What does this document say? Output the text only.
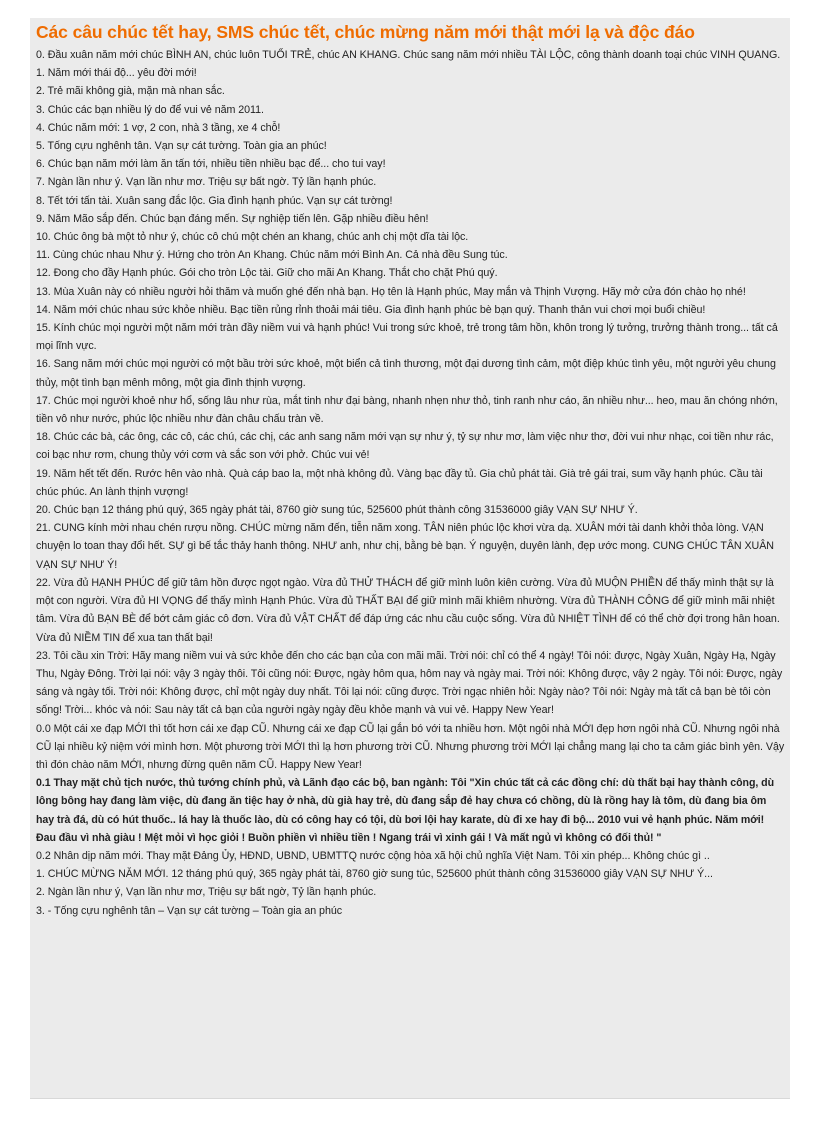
Các câu chúc tết hay, SMS chúc tết, chúc mừng năm mới thật mới lạ và độc đáo
0. Đầu xuân năm mới chúc BÌNH AN, chúc luôn TUỔI TRẺ, chúc AN KHANG. Chúc sang năm mới nhiều TÀI LỘC, công thành doanh toại chúc VINH QUANG.
1. Năm mới thái độ... yêu đời mới!
2. Trẻ mãi không già, mặn mà nhan sắc.
3. Chúc các bạn nhiều lý do để vui vẻ năm 2011.
4. Chúc năm mới: 1 vợ, 2 con, nhà 3 tầng, xe 4 chỗ!
5. Tống cựu nghênh tân. Vạn sự cát tường. Toàn gia an phúc!
6. Chúc bạn năm mới làm ăn tấn tới, nhiều tiền nhiều bạc để... cho tui vay!
7. Ngàn lần như ý. Vạn lần như mơ. Triệu sự bất ngờ. Tỷ lần hạnh phúc.
8. Tết tới tấn tài. Xuân sang đắc lộc. Gia đình hạnh phúc. Vạn sự cát tường!
9. Năm Mão sắp đến. Chúc bạn đáng mến. Sự nghiệp tiến lên. Gặp nhiều điều hên!
10. Chúc ông bà một tỏ như ý, chúc cô chú một chén an khang, chúc anh chị một dĩa tài lộc.
11. Cùng chúc nhau Như ý. Hứng cho tròn An Khang. Chúc năm mới Bình An. Cả nhà đều Sung túc.
12. Đong cho đầy Hạnh phúc. Gói cho tròn Lộc tài. Giữ cho mãi An Khang. Thắt cho chặt Phú quý.
13. Mùa Xuân này có nhiều người hỏi thăm và muốn ghé đến nhà bạn. Họ tên là Hạnh phúc, May mắn và Thịnh Vượng. Hãy mở cửa đón chào họ nhé!
14. Năm mới chúc nhau sức khỏe nhiều. Bạc tiền rủng rỉnh thoải mái tiêu. Gia đình hạnh phúc bè bạn quý. Thanh thản vui chơi mọi buổi chiều!
15. Kính chúc mọi người một năm mới tràn đầy niềm vui và hạnh phúc! Vui trong sức khoẻ, trẻ trong tâm hồn, khôn trong lý tưởng, trưởng thành trong... tất cả mọi lĩnh vực.
16. Sang năm mới chúc mọi người có một bầu trời sức khoẻ, một biển cả tình thương, một đại dương tình cảm, một điệp khúc tình yêu, một người yêu chung thủy, một tình bạn mênh mông, một gia đình thịnh vượng.
17. Chúc mọi người khoẻ như hổ, sống lâu như rùa, mắt tinh như đại bàng, nhanh nhẹn như thỏ, tinh ranh như cáo, ăn nhiều như... heo, mau ăn chóng nhớn, tiền vô như nước, phúc lộc nhiều như đàn châu chấu tràn về.
18. Chúc các bà, các ông, các cô, các chú, các chị, các anh sang năm mới vạn sự như ý, tỷ sự như mơ, làm việc như thơ, đời vui như nhạc, coi tiền như rác, coi bạc như rơm, chung thủy với cơm và sắc son với phở. Chúc vui vẻ!
19. Năm hết tết đến. Rước hên vào nhà. Quà cáp bao la, một nhà không đủ. Vàng bạc đầy tủ. Gia chủ phát tài. Già trẻ gái trai, sum vầy hạnh phúc. Cầu tài chúc phúc. An lành thịnh vượng!
20. Chúc bạn 12 tháng phú quý, 365 ngày phát tài, 8760 giờ sung túc, 525600 phút thành công 31536000 giây VẠN SỰ NHƯ Ý.
21. CUNG kính mời nhau chén rượu nồng. CHÚC mừng năm đến, tiễn năm xong. TÂN niên phúc lộc khơi vừa dạ. XUÂN mới tài danh khởi thỏa lòng. VẠN chuyện lo toan thay đổi hết. SỰ gì bế tắc thảy hanh thông. NHƯ anh, như chị, bằng bè bạn. Ý nguyện, duyên lành, đẹp ước mong. CUNG CHÚC TÂN XUÂN VẠN SỰ NHƯ Ý!
22. Vừa đủ HẠNH PHÚC để giữ tâm hồn được ngọt ngào. Vừa đủ THỬ THÁCH để giữ mình luôn kiên cường. Vừa đủ MUỘN PHIỀN để thấy mình thật sự là một con người. Vừa đủ HI VỌNG để thấy mình Hạnh Phúc. Vừa đủ THẤT BẠI để giữ mình mãi khiêm nhường. Vừa đủ THÀNH CÔNG để giữ mình mãi nhiệt tâm. Vừa đủ BẠN BÈ để bớt cảm giác cô đơn. Vừa đủ VẬT CHẤT để đáp ứng các nhu cầu cuộc sống. Vừa đủ NHIỆT TÌNH để có thể chờ đợi trong hân hoan. Vừa đủ NIỀM TIN để xua tan thất bại!
23. Tôi cầu xin Trời: Hãy mang niềm vui và sức khỏe đến cho các bạn của con mãi mãi. Trời nói: chỉ có thể 4 ngày! Tôi nói: được, Ngày Xuân, Ngày Hạ, Ngày Thu, Ngày Đông. Trời lại nói: vậy 3 ngày thôi. Tôi cũng nói: Được, ngày hôm qua, hôm nay và ngày mai. Trời nói: Không được, vậy 2 ngày. Tôi nói: Được, ngày sáng và ngày tối. Trời nói: Không được, chỉ một ngày duy nhất. Tôi lại nói: cũng được. Trời ngạc nhiên hỏi: Ngày nào? Tôi nói: Ngày mà tất cả bạn bè tôi còn sống! Trời... khóc và nói: Sau này tất cả bạn của người ngày ngày đều khỏe mạnh và vui vẻ. Happy New Year!
0.0 Một cái xe đạp MỚI thì tốt hơn cái xe đạp CŨ. Nhưng cái xe đạp CŨ lại gắn bó với ta nhiều hơn. Một ngôi nhà MỚI đẹp hơn ngôi nhà CŨ. Nhưng ngôi nhà CŨ lại nhiều kỷ niệm với mình hơn. Một phương trời MỚI thì lạ hơn phương trời CŨ. Nhưng phương trời MỚI lại chẳng mang lại cho ta cảm giác bình yên. Vậy thì đón chào năm MỚI, nhưng đừng quên năm CŨ. Happy New Year!
0.1 Thay mặt chủ tịch nước, thủ tướng chính phủ, và Lãnh đạo các bộ, ban ngành: Tôi "Xin chúc tất cả các đồng chí: dù thất bại hay thành công, dù lông bông hay đang làm việc, dù đang ăn tiệc hay ở nhà, dù già hay trẻ, dù đang sắp đẻ hay chưa có chồng, dù là rồng hay là tôm, dù đang bia ôm hay trà đá, dù có hút thuốc.. lá hay là thuốc lào, dù có công hay có tội, dù bơi lội hay karate, dù đi xe hay đi bộ... 2010 vui vẻ hạnh phúc. Năm mới! Đau đầu vì nhà giàu ! Mệt mỏi vì học giỏi ! Buồn phiền vì nhiều tiền ! Ngang trái vì xinh gái ! Và mất ngủ vì không có đối thủ! "
0.2 Nhân dịp năm mới. Thay mặt Đảng Ủy, HĐND, UBND, UBMTTQ nước cộng hòa xã hội chủ nghĩa Việt Nam. Tôi xin phép... Không chúc gì ..
1. CHÚC MỪNG NĂM MỚI. 12 tháng phú quý, 365 ngày phát tài, 8760 giờ sung túc, 525600 phút thành công 31536000 giây VẠN SỰ NHƯ Ý...
2. Ngàn lần như ý, Vạn lần như mơ, Triệu sự bất ngờ, Tỷ lần hạnh phúc.
3. - Tống cựu nghênh tân – Vạn sự cát tường – Toàn gia an phúc
